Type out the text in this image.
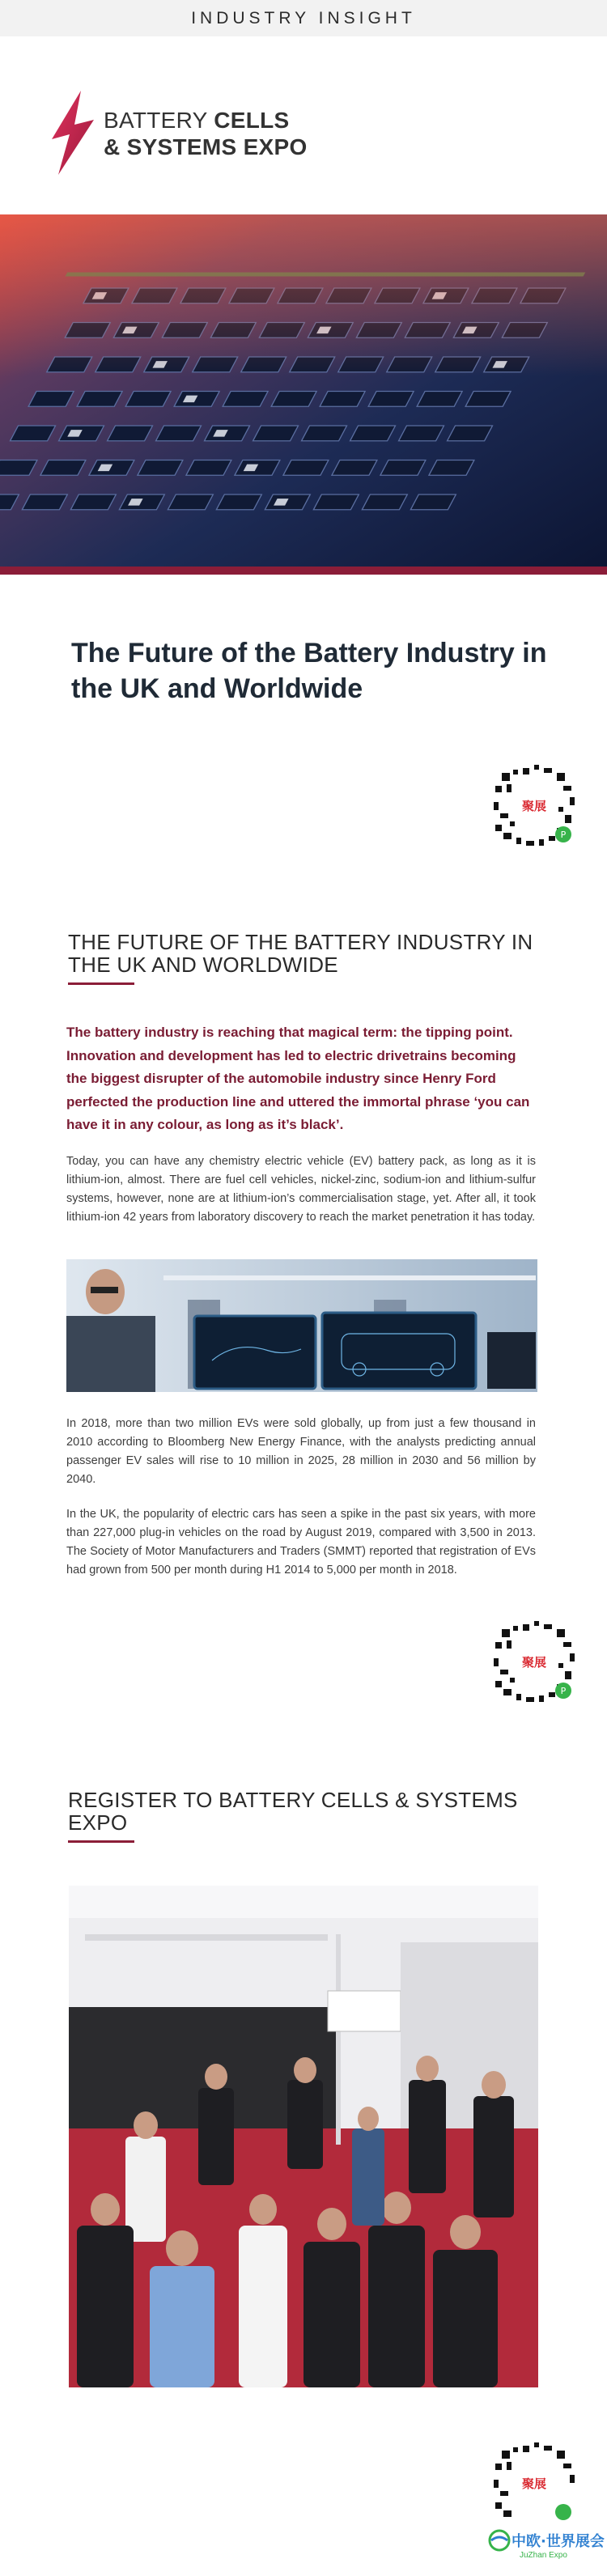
INDUSTRY INSIGHT
BATTERY CELLS
& SYSTEMS EXPO
The Future of the Battery Industry in the UK and Worldwide
聚展
P
THE FUTURE OF THE BATTERY INDUSTRY IN THE UK AND WORLDWIDE
The battery industry is reaching that magical term: the tipping point. Innovation and development has led to electric drivetrains becoming the biggest disrupter of the automobile industry since Henry Ford perfected the production line and uttered the immortal phrase ‘you can have it in any colour, as long as it’s black’.
Today, you can have any chemistry electric vehicle (EV) battery pack, as long as it is lithium-ion, almost. There are fuel cell vehicles, nickel-zinc, sodium-ion and lithium-sulfur systems, however, none are at lithium-ion’s commercialisation stage, yet. After all, it took lithium-ion 42 years from laboratory discovery to reach the market penetration it has today.
In 2018, more than two million EVs were sold globally, up from just a few thousand in 2010 according to Bloomberg New Energy Finance, with the analysts predicting annual passenger EV sales will rise to 10 million in 2025, 28 million in 2030 and 56 million by 2040.
In the UK, the popularity of electric cars has seen a spike in the past six years, with more than 227,000 plug-in vehicles on the road by August 2019, compared with 3,500 in 2013. The Society of Motor Manufacturers and Traders (SMMT) reported that registration of EVs had grown from 500 per month during H1 2014 to 5,000 per month in 2018.
聚展
P
REGISTER TO BATTERY CELLS & SYSTEMS EXPO
聚展
中欧·世界展会
JuZhan Expo
